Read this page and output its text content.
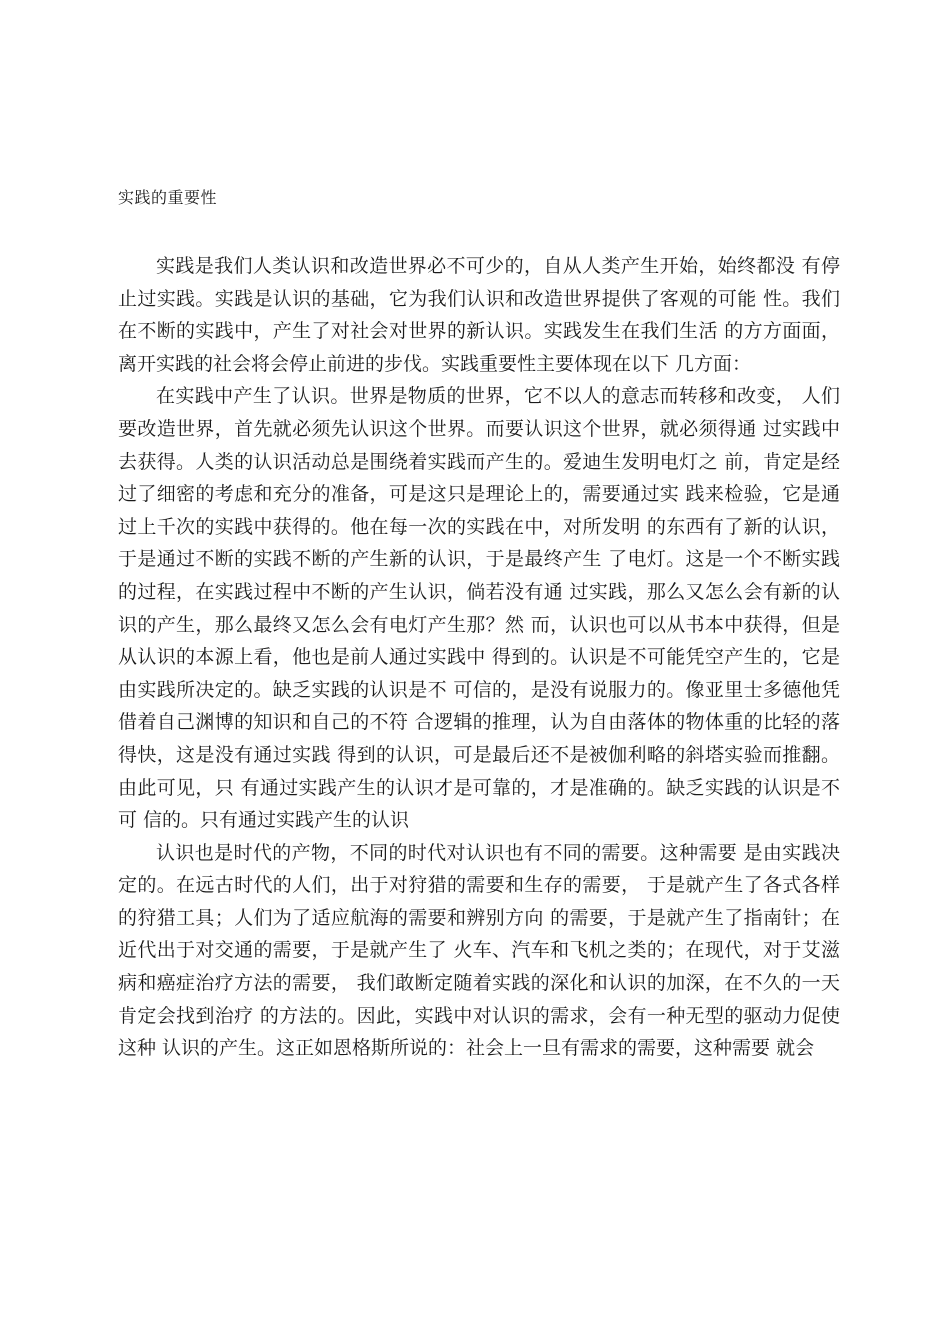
实践的重要性

实践是我们人类认识和改造世界必不可少的，自从人类产生开始，始终都没 有停止过实践。实践是认识的基础，它为我们认识和改造世界提供了客观的可能 性。我们在不断的实践中，产生了对社会对世界的新认识。实践发生在我们生活 的方方面面，离开实践的社会将会停止前进的步伐。实践重要性主要体现在以下 几方面：

在实践中产生了认识。世界是物质的世界，它不以人的意志而转移和改变， 人们要改造世界，首先就必须先认识这个世界。而要认识这个世界，就必须得通 过实践中去获得。人类的认识活动总是围绕着实践而产生的。爱迪生发明电灯之 前，肯定是经过了细密的考虑和充分的准备，可是这只是理论上的，需要通过实 践来检验，它是通过上千次的实践中获得的。他在每一次的实践在中，对所发明 的东西有了新的认识，于是通过不断的实践不断的产生新的认识，于是最终产生 了电灯。这是一个不断实践的过程，在实践过程中不断的产生认识，倘若没有通 过实践，那么又怎么会有新的认识的产生，那么最终又怎么会有电灯产生那？然 而，认识也可以从书本中获得，但是从认识的本源上看，他也是前人通过实践中 得到的。认识是不可能凭空产生的，它是由实践所决定的。缺乏实践的认识是不 可信的，是没有说服力的。像亚里士多德他凭借着自己渊博的知识和自己的不符 合逻辑的推理，认为自由落体的物体重的比轻的落得快，这是没有通过实践 得到的认识，可是最后还不是被伽利略的斜塔实验而推翻。由此可见，只 有通过实践产生的认识才是可靠的，才是准确的。缺乏实践的认识是不可 信的。只有通过实践产生的认识

认识也是时代的产物，不同的时代对认识也有不同的需要。这种需要 是由实践决定的。在远古时代的人们，出于对狩猎的需要和生存的需要， 于是就产生了各式各样的狩猎工具；人们为了适应航海的需要和辨别方向 的需要，于是就产生了指南针；在近代出于对交通的需要，于是就产生了 火车、汽车和飞机之类的；在现代，对于艾滋病和癌症治疗方法的需要， 我们敢断定随着实践的深化和认识的加深，在不久的一天肯定会找到治疗 的方法的。因此，实践中对认识的需求，会有一种无型的驱动力促使这种 认识的产生。这正如恩格斯所说的：社会上一旦有需求的需要，这种需要 就会
